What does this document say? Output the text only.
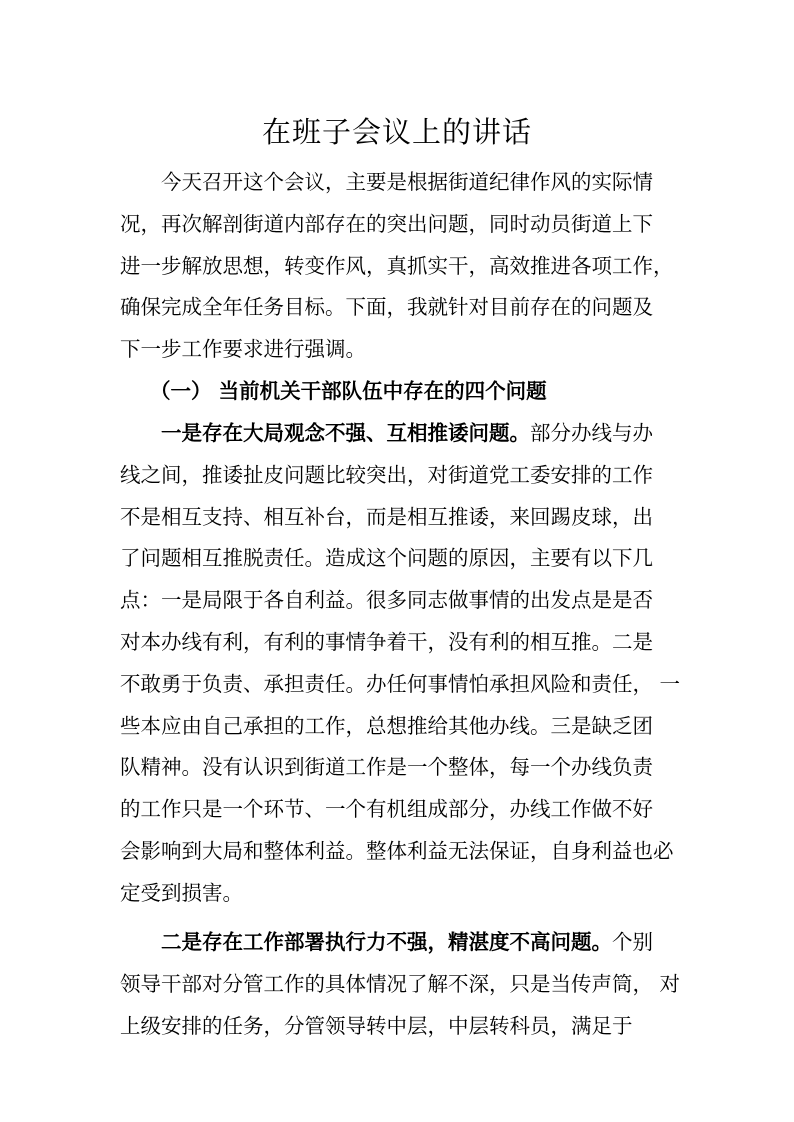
在班子会议上的讲话
今天召开这个会议，主要是根据街道纪律作风的实际情
况，再次解剖街道内部存在的突出问题，同时动员街道上下
进一步解放思想，转变作风，真抓实干，高效推进各项工作，
确保完成全年任务目标。下面，我就针对目前存在的问题及
下一步工作要求进行强调。
（一） 当前机关干部队伍中存在的四个问题
一是存在大局观念不强、互相推诿问题。部分办线与办
线之间，推诿扯皮问题比较突出，对街道党工委安排的工作
不是相互支持、相互补台，而是相互推诿，来回踢皮球，出
了问题相互推脱责任。造成这个问题的原因，主要有以下几
点：一是局限于各自利益。很多同志做事情的出发点是是否
对本办线有利，有利的事情争着干，没有利的相互推。二是
不敢勇于负责、承担责任。办任何事情怕承担风险和责任， 一
些本应由自己承担的工作，总想推给其他办线。三是缺乏团
队精神。没有认识到街道工作是一个整体，每一个办线负责
的工作只是一个环节、一个有机组成部分，办线工作做不好
会影响到大局和整体利益。整体利益无法保证，自身利益也必
定受到损害。
二是存在工作部署执行力不强，精湛度不高问题。个别
领导干部对分管工作的具体情况了解不深，只是当传声筒， 对
上级安排的任务，分管领导转中层，中层转科员，满足于
